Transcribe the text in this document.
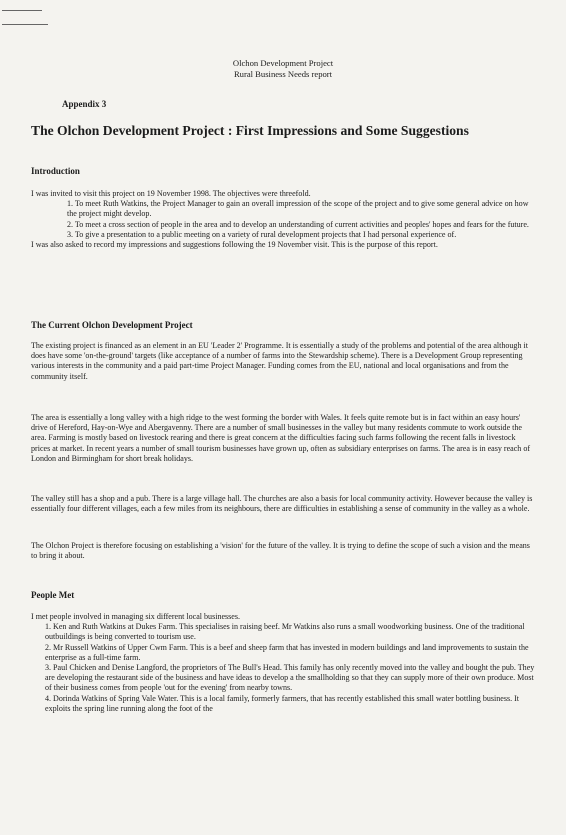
Olchon Development Project
Rural Business Needs report
Appendix 3
The Olchon Development Project : First Impressions and Some Suggestions
Introduction

I was invited to visit this project on 19 November 1998. The objectives were threefold.

1. To meet Ruth Watkins, the Project Manager to gain an overall impression of the scope of the project and to give some general advice on how the project might develop.

2. To meet a cross section of people in the area and to develop an understanding of current activities and peoples' hopes and fears for the future.

3. To give a presentation to a public meeting on a variety of rural development projects that I had personal experience of.

I was also asked to record my impressions and suggestions following the 19 November visit. This is the purpose of this report.

The Current Olchon Development Project
The existing project is financed as an element in an EU 'Leader 2' Programme. It is essentially a study of the problems and potential of the area although it does have some 'on-the-ground' targets (like acceptance of a number of farms into the Stewardship scheme). There is a Development Group representing various interests in the community and a paid part-time Project Manager. Funding comes from the EU, national and local organisations and from the community itself.
The area is essentially a long valley with a high ridge to the west forming the border with Wales. It feels quite remote but is in fact within an easy hours' drive of Hereford, Hay-on-Wye and Abergavenny. There are a number of small businesses in the valley but many residents commute to work outside the area. Farming is mostly based on livestock rearing and there is great concern at the difficulties facing such farms following the recent falls in livestock prices at market. In recent years a number of small tourism businesses have grown up, often as subsidiary enterprises on farms. The area is in easy reach of London and Birmingham for short break holidays.
The valley still has a shop and a pub. There is a large village hall. The churches are also a basis for local community activity. However because the valley is essentially four different villages, each a few miles from its neighbours, there are difficulties in establishing a sense of community in the valley as a whole.
The Olchon Project is therefore focusing on establishing a 'vision' for the future of the valley. It is trying to define the scope of such a vision and the means to bring it about.
People Met

I met people involved in managing six different local businesses.

1. Ken and Ruth Watkins at Dukes Farm. This specialises in raising beef. Mr Watkins also runs a small woodworking business. One of the traditional outbuildings is being converted to tourism use.

2. Mr Russell Watkins of Upper Cwm Farm. This is a beef and sheep farm that has invested in modern buildings and land improvements to sustain the enterprise as a full-time farm.

3. Paul Chicken and Denise Langford, the proprietors of The Bull's Head. This family has only recently moved into the valley and bought the pub. They are developing the restaurant side of the business and have ideas to develop a the smallholding so that they can supply more of their own produce. Most of their business comes from people 'out for the evening' from nearby towns.

4. Dorinda Watkins of Spring Vale Water. This is a local family, formerly farmers, that has recently established this small water bottling business. It exploits the spring line running along the foot of the
